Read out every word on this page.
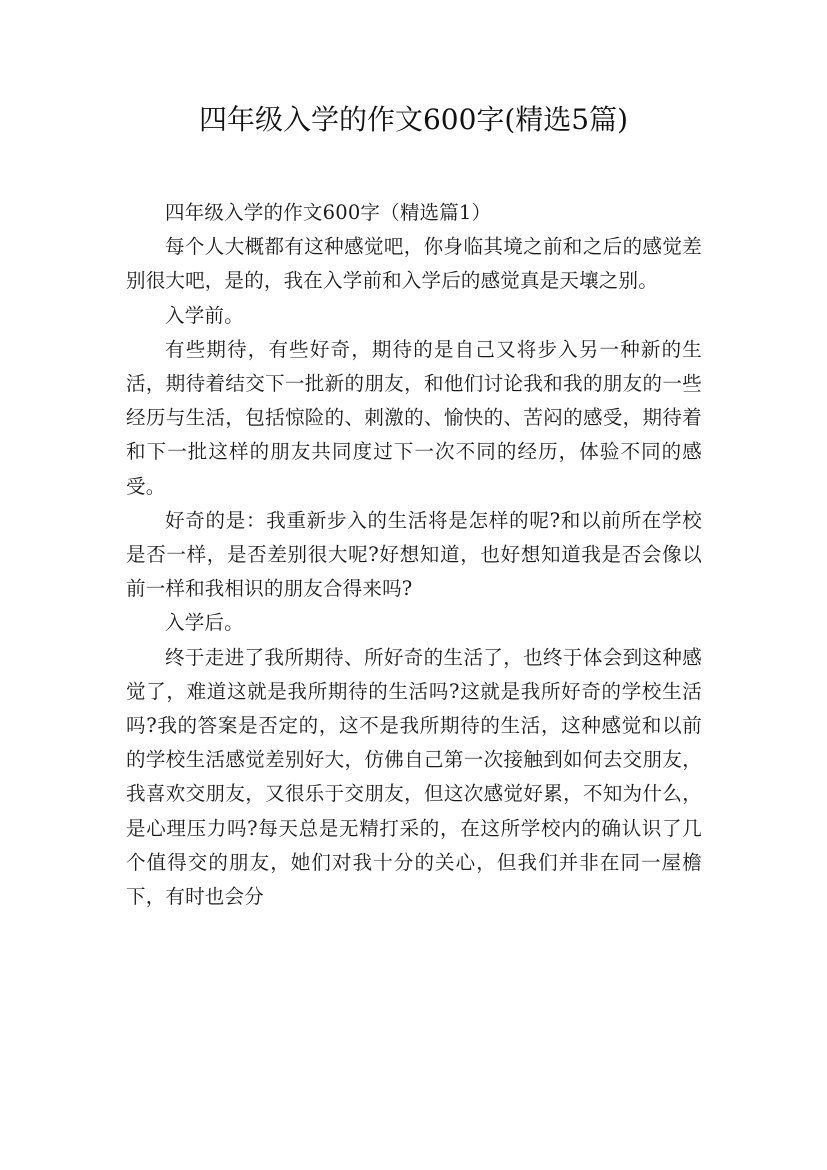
四年级入学的作文600字(精选5篇)

四年级入学的作文600字（精选篇1）

每个人大概都有这种感觉吧，你身临其境之前和之后的感觉差别很大吧，是的，我在入学前和入学后的感觉真是天壤之别。

入学前。

有些期待，有些好奇，期待的是自己又将步入另一种新的生活，期待着结交下一批新的朋友，和他们讨论我和我的朋友的一些经历与生活，包括惊险的、刺激的、愉快的、苦闷的感受，期待着和下一批这样的朋友共同度过下一次不同的经历，体验不同的感受。

好奇的是：我重新步入的生活将是怎样的呢?和以前所在学校是否一样，是否差别很大呢?好想知道，也好想知道我是否会像以前一样和我相识的朋友合得来吗?

入学后。

终于走进了我所期待、所好奇的生活了，也终于体会到这种感觉了，难道这就是我所期待的生活吗?这就是我所好奇的学校生活吗?我的答案是否定的，这不是我所期待的生活，这种感觉和以前的学校生活感觉差别好大，仿佛自己第一次接触到如何去交朋友，我喜欢交朋友，又很乐于交朋友，但这次感觉好累，不知为什么，是心理压力吗?每天总是无精打采的，在这所学校内的确认识了几个值得交的朋友，她们对我十分的关心，但我们并非在同一屋檐下，有时也会分
